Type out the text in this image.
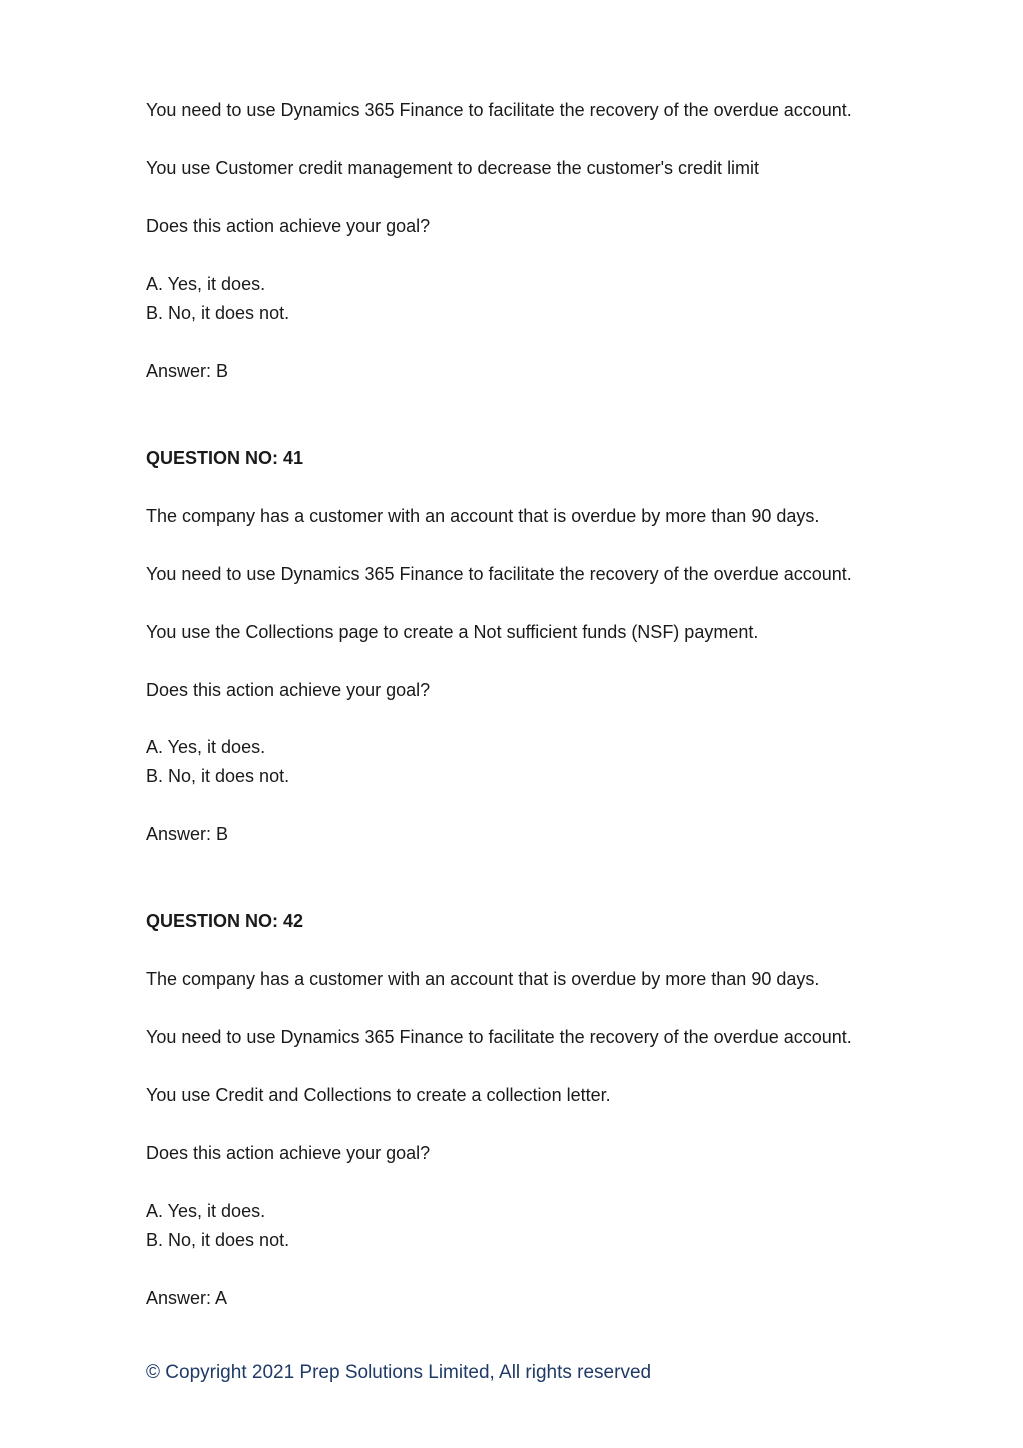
You need to use Dynamics 365 Finance to facilitate the recovery of the overdue account.

You use Customer credit management to decrease the customer's credit limit

Does this action achieve your goal?

A. Yes, it does.

B. No, it does not.

Answer: B

QUESTION NO: 41

The company has a customer with an account that is overdue by more than 90 days.

You need to use Dynamics 365 Finance to facilitate the recovery of the overdue account.

You use the Collections page to create a Not sufficient funds (NSF) payment.

Does this action achieve your goal?

A. Yes, it does.

B. No, it does not.

Answer: B

QUESTION NO: 42

The company has a customer with an account that is overdue by more than 90 days.

You need to use Dynamics 365 Finance to facilitate the recovery of the overdue account.

You use Credit and Collections to create a collection letter.

Does this action achieve your goal?

A. Yes, it does.

B. No, it does not.

Answer: A

© Copyright 2021 Prep Solutions Limited, All rights reserved
